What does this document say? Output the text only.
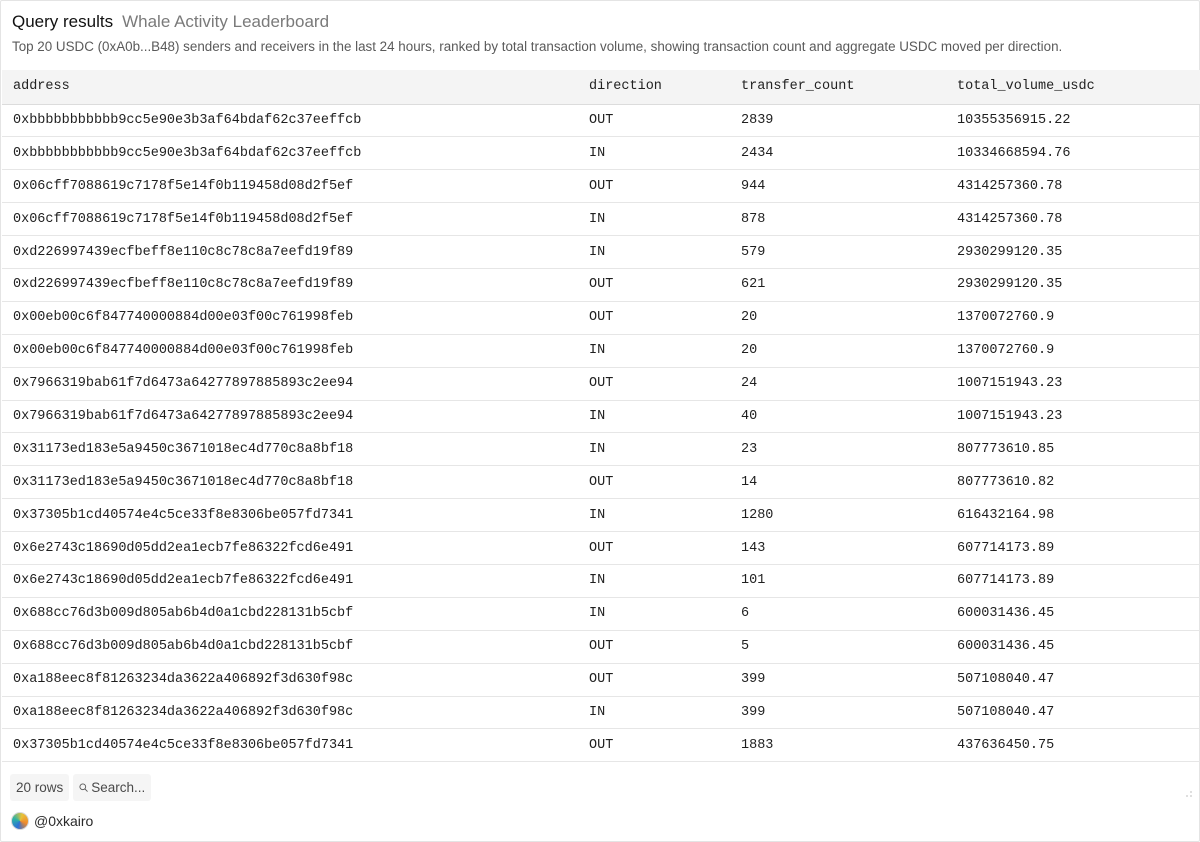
Query results Whale Activity Leaderboard
Top 20 USDC (0xA0b...B48) senders and receivers in the last 24 hours, ranked by total transaction volume, showing transaction count and aggregate USDC moved per direction.
address	direction	transfer_count	total_volume_usdc
0xbbbbbbbbbbb9cc5e90e3b3af64bdaf62c37eeffcb	OUT	2839	10355356915.22
0xbbbbbbbbbbb9cc5e90e3b3af64bdaf62c37eeffcb	IN	2434	10334668594.76
0x06cff7088619c7178f5e14f0b119458d08d2f5ef	OUT	944	4314257360.78
0x06cff7088619c7178f5e14f0b119458d08d2f5ef	IN	878	4314257360.78
0xd226997439ecfbeff8e110c8c78c8a7eefd19f89	IN	579	2930299120.35
0xd226997439ecfbeff8e110c8c78c8a7eefd19f89	OUT	621	2930299120.35
0x00eb00c6f847740000884d00e03f00c761998feb	OUT	20	1370072760.9
0x00eb00c6f847740000884d00e03f00c761998feb	IN	20	1370072760.9
0x7966319bab61f7d6473a64277897885893c2ee94	OUT	24	1007151943.23
0x7966319bab61f7d6473a64277897885893c2ee94	IN	40	1007151943.23
0x31173ed183e5a9450c3671018ec4d770c8a8bf18	IN	23	807773610.85
0x31173ed183e5a9450c3671018ec4d770c8a8bf18	OUT	14	807773610.82
0x37305b1cd40574e4c5ce33f8e8306be057fd7341	IN	1280	616432164.98
0x6e2743c18690d05dd2ea1ecb7fe86322fcd6e491	OUT	143	607714173.89
0x6e2743c18690d05dd2ea1ecb7fe86322fcd6e491	IN	101	607714173.89
0x688cc76d3b009d805ab6b4d0a1cbd228131b5cbf	IN	6	600031436.45
0x688cc76d3b009d805ab6b4d0a1cbd228131b5cbf	OUT	5	600031436.45
0xa188eec8f81263234da3622a406892f3d630f98c	OUT	399	507108040.47
0xa188eec8f81263234da3622a406892f3d630f98c	IN	399	507108040.47
0x37305b1cd40574e4c5ce33f8e8306be057fd7341	OUT	1883	437636450.75
20 rows	Search...
@0xkairo
